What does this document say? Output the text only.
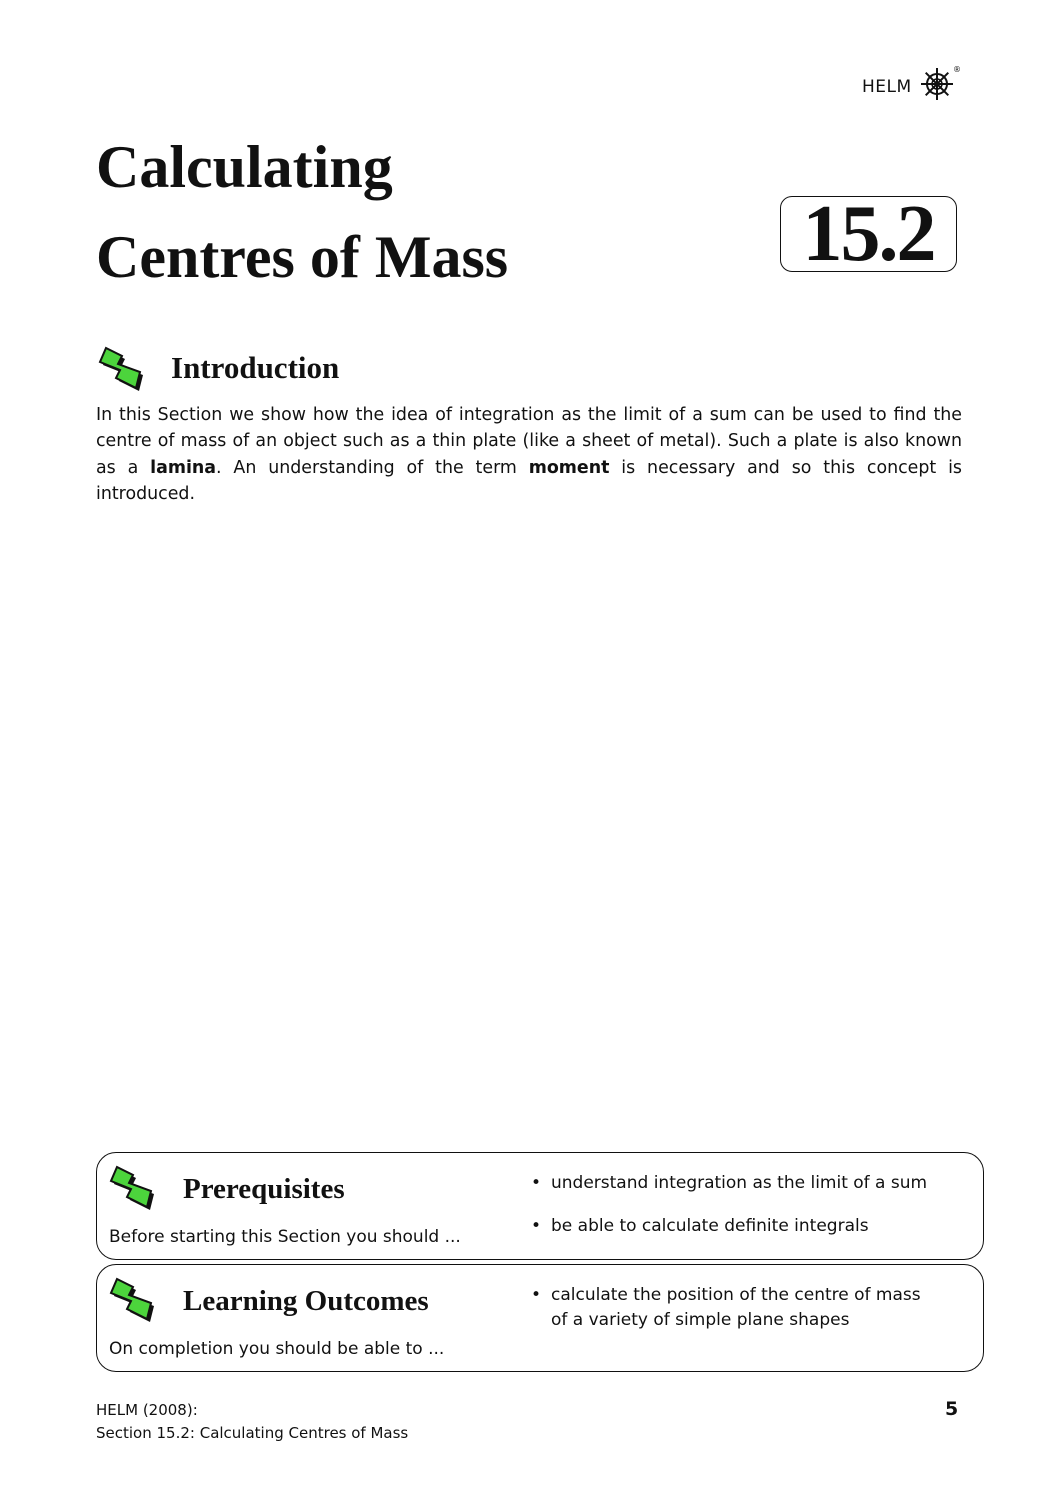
HELM
®
Calculating
Centres of Mass	15.2
Introduction
In this Section we show how the idea of integration as the limit of a sum can be used to find the centre of mass of an object such as a thin plate (like a sheet of metal). Such a plate is also known as a lamina. An understanding of the term moment is necessary and so this concept is introduced.
Prerequisites
Before starting this Section you should ...
• understand integration as the limit of a sum
• be able to calculate definite integrals
Learning Outcomes
On completion you should be able to ...
• calculate the position of the centre of mass of a variety of simple plane shapes
HELM (2008):
Section 15.2: Calculating Centres of Mass
5
